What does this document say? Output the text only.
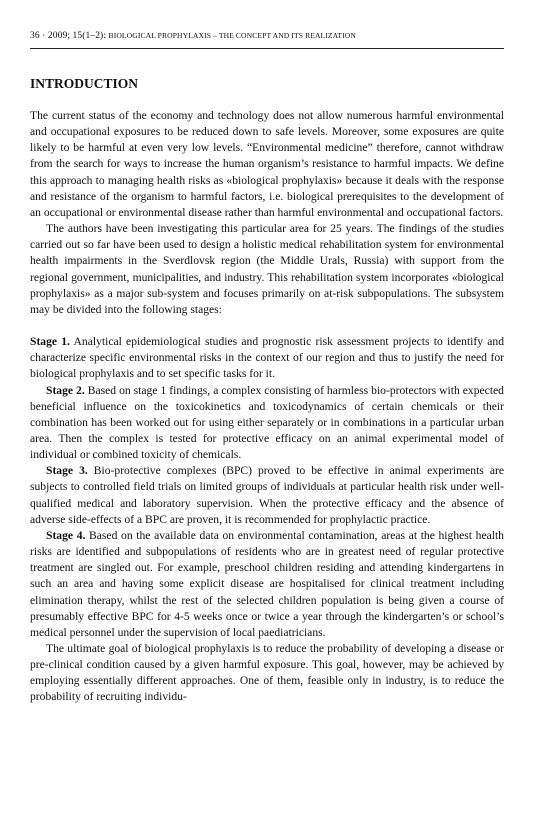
36 · 2009; 15(1–2): BIOLOGICAL PROPHYLAXIS – THE CONCEPT AND ITS REALIZATION
INTRODUCTION

The current status of the economy and technology does not allow numerous harmful environmental and occupational exposures to be reduced down to safe levels. Moreover, some exposures are quite likely to be harmful at even very low levels. “Environmental medicine” therefore, cannot withdraw from the search for ways to increase the human organism’s resistance to harmful impacts. We define this approach to managing health risks as «biological prophylaxis» because it deals with the response and resistance of the organism to harmful factors, i.e. biological prerequisites to the development of an occupational or environmental disease rather than harmful environmental and occupational factors.

The authors have been investigating this particular area for 25 years. The findings of the studies carried out so far have been used to design a holistic medical rehabilitation system for environmental health impairments in the Sverdlovsk region (the Middle Urals, Russia) with support from the regional government, municipalities, and industry. This rehabilitation system incorporates «biological prophylaxis» as a major sub-system and focuses primarily on at-risk subpopulations. The subsystem may be divided into the following stages:

Stage 1. Analytical epidemiological studies and prognostic risk assessment projects to identify and characterize specific environmental risks in the context of our region and thus to justify the need for biological prophylaxis and to set specific tasks for it.

Stage 2. Based on stage 1 findings, a complex consisting of harmless bio-protectors with expected beneficial influence on the toxicokinetics and toxicodynamics of certain chemicals or their combination has been worked out for using either separately or in combinations in a particular urban area. Then the complex is tested for protective efficacy on an animal experimental model of individual or combined toxicity of chemicals.

Stage 3. Bio-protective complexes (BPC) proved to be effective in animal experiments are subjects to controlled field trials on limited groups of individuals at particular health risk under well-qualified medical and laboratory supervision. When the protective efficacy and the absence of adverse side-effects of a BPC are proven, it is recommended for prophylactic practice.

Stage 4. Based on the available data on environmental contamination, areas at the highest health risks are identified and subpopulations of residents who are in greatest need of regular protective treatment are singled out. For example, preschool children residing and attending kindergartens in such an area and having some explicit disease are hospitalised for clinical treatment including elimination therapy, whilst the rest of the selected children population is being given a course of presumably effective BPC for 4-5 weeks once or twice a year through the kindergarten’s or school’s medical personnel under the supervision of local paediatricians.

The ultimate goal of biological prophylaxis is to reduce the probability of developing a disease or pre-clinical condition caused by a given harmful exposure. This goal, however, may be achieved by employing essentially different approaches. One of them, feasible only in industry, is to reduce the probability of recruiting individu-
